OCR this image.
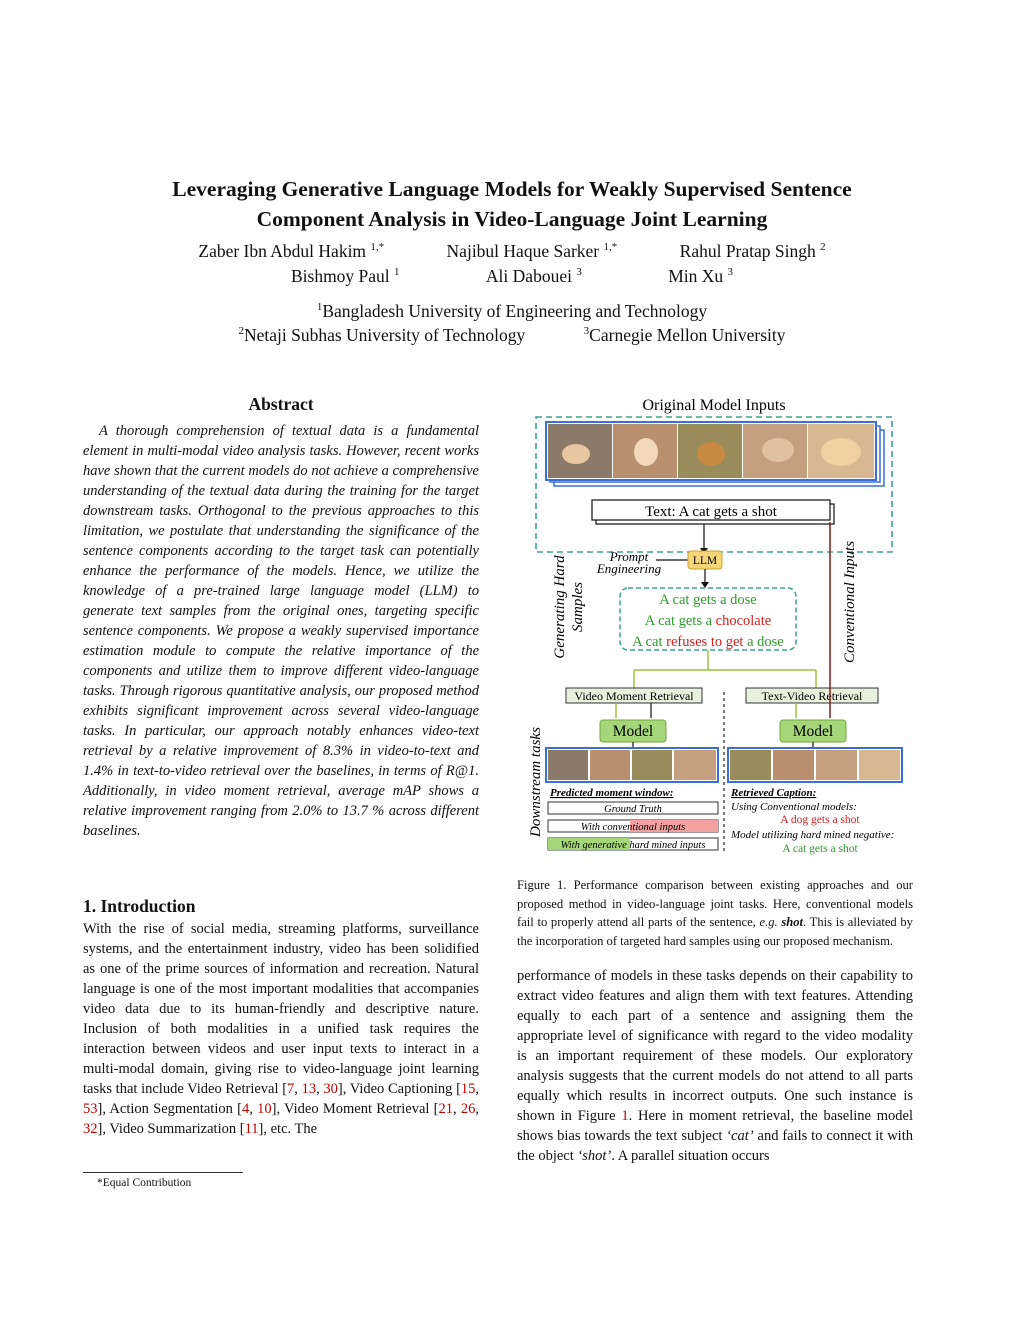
Leveraging Generative Language Models for Weakly Supervised Sentence
Component Analysis in Video-Language Joint Learning
Zaber Ibn Abdul Hakim $^{1,*}$	Najibul Haque Sarker $^{1,*}$	Rahul Pratap Singh $^2$
Bishmoy Paul $^1$	Ali Dabouei $^3$	Min Xu $^3$
$^1$Bangladesh University of Engineering and Technology
$^2$Netaji Subhas University of Technology	$^3$Carnegie Mellon University
Abstract

A thorough comprehension of textual data is a fundamental element in multi-modal video analysis tasks. However, recent works have shown that the current models do not achieve a comprehensive understanding of the textual data during the training for the target downstream tasks. Orthogonal to the previous approaches to this limitation, we postulate that understanding the significance of the sentence components according to the target task can potentially enhance the performance of the models. Hence, we utilize the knowledge of a pre-trained large language model (LLM) to generate text samples from the original ones, targeting specific sentence components. We propose a weakly supervised importance estimation module to compute the relative importance of the components and utilize them to improve different video-language tasks. Through rigorous quantitative analysis, our proposed method exhibits significant improvement across several video-language tasks. In particular, our approach notably enhances video-text retrieval by a relative improvement of 8.3% in video-to-text and 1.4% in text-to-video retrieval over the baselines, in terms of R@1. Additionally, in video moment retrieval, average mAP shows a relative improvement ranging from 2.0% to 13.7 % across different baselines.

1. Introduction

With the rise of social media, streaming platforms, surveillance systems, and the entertainment industry, video has been solidified as one of the prime sources of information and recreation. Natural language is one of the most important modalities that accompanies video data due to its human-friendly and descriptive nature. Inclusion of both modalities in a unified task requires the interaction between videos and user input texts to interact in a multi-modal domain, giving rise to video-language joint learning tasks that include Video Retrieval [7, 13, 30], Video Captioning [15, 53], Action Segmentation [4, 10], Video Moment Retrieval [21, 26, 32], Video Summarization [11], etc. The

*Equal Contribution
Original Model Inputs
Text: A cat gets a shot
Prompt
Engineering	LLM
A cat gets a dose
A cat gets a chocolate
A cat refuses to get a dose
Generating Hard Samples	Conventional Inputs
Downstream tasks
Video Moment Retrieval	Text-Video Retrieval
Model	Model
Predicted moment window:
Ground Truth
With conventional inputs
With generative hard mined inputs
Retrieved Caption:
Using Conventional models:
A dog gets a shot
Model utilizing hard mined negative:
A cat gets a shot
Figure 1. Performance comparison between existing approaches and our proposed method in video-language joint tasks. Here, conventional models fail to properly attend all parts of the sentence, e.g. shot. This is alleviated by the incorporation of targeted hard samples using our proposed mechanism.

performance of models in these tasks depends on their capability to extract video features and align them with text features. Attending equally to each part of a sentence and assigning them the appropriate level of significance with regard to the video modality is an important requirement of these models. Our exploratory analysis suggests that the current models do not attend to all parts equally which results in incorrect outputs. One such instance is shown in Figure 1. Here in moment retrieval, the baseline model shows bias towards the text subject ‘cat’ and fails to connect it with the object ‘shot’. A parallel situation occurs
